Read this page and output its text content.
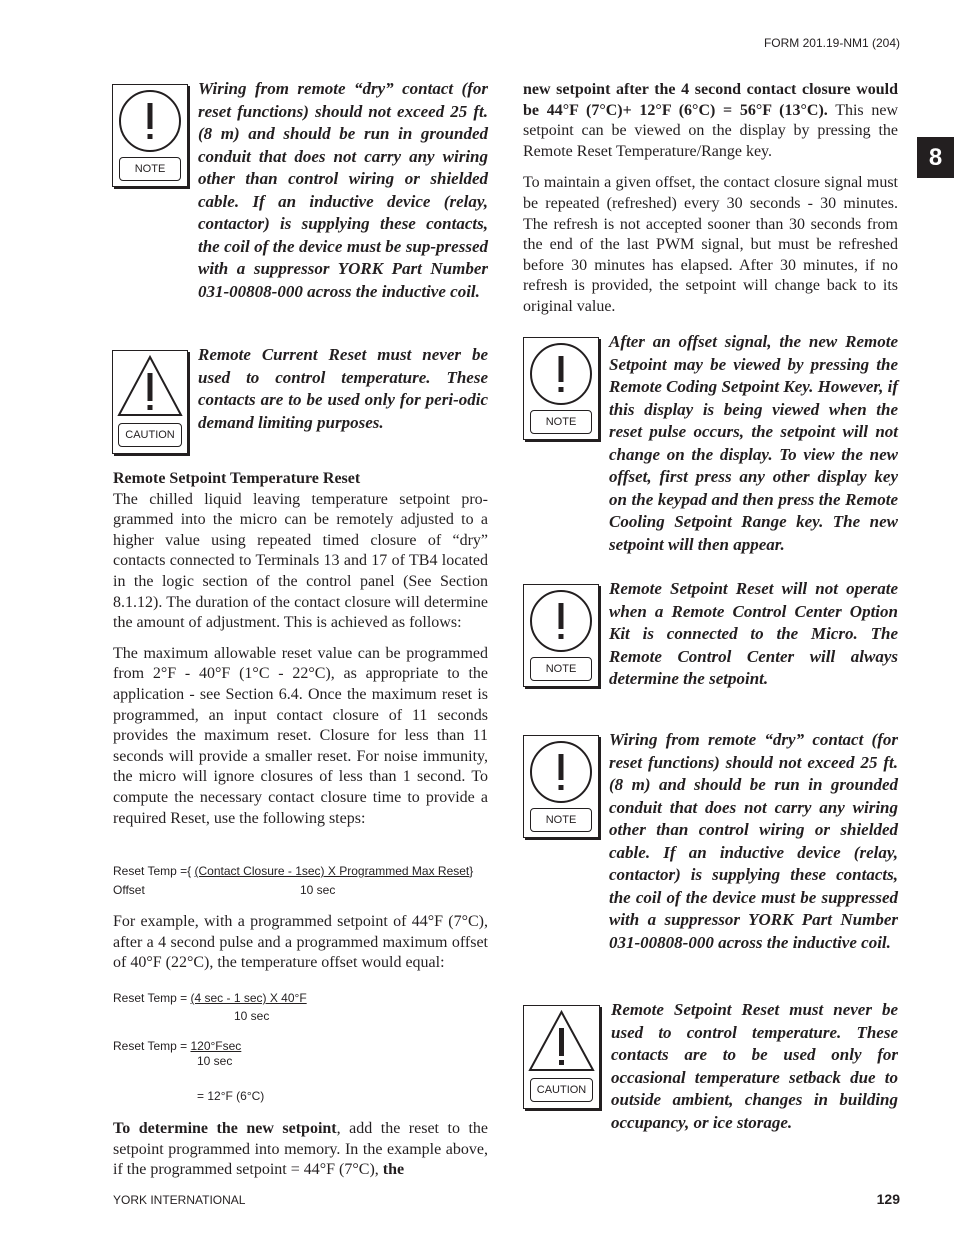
FORM 201.19-NM1 (204)
8
NOTE

Wiring from remote “dry” contact (for reset functions) should not exceed 25 ft. (8 m) and should be run in grounded conduit that does not carry any wiring other than control wiring or shielded cable. If an inductive device (relay, contactor) is supplying these contacts, the coil of the device must be sup-pressed with a suppressor YORK Part Number 031-00808-000 across the inductive coil.

CAUTION

Remote Current Reset must never be used to control temperature. These contacts are to be used only for peri-odic demand limiting purposes.

Remote Setpoint Temperature Reset

The chilled liquid leaving temperature setpoint pro-grammed into the micro can be remotely adjusted to a higher value using repeated timed closure of “dry” contacts connected to Terminals 13 and 17 of TB4 located in the logic section of the control panel (See Section 8.1.12). The duration of the contact closure will determine the amount of adjustment. This is achieved as follows:

The maximum allowable reset value can be programmed from 2°F - 40°F (1°C - 22°C), as appropriate to the application - see Section 6.4. Once the maximum reset is programmed, an input contact closure of 11 seconds provides the maximum reset. Closure for less than 11 seconds will provide a smaller reset. For noise immunity, the micro will ignore closures of less than 1 second. To compute the necessary contact closure time to provide a required Reset, use the following steps:

Reset Temp ={ (Contact Closure - 1sec) X Programmed Max Reset}
Offset	10 sec

For example, with a programmed setpoint of 44°F (7°C), after a 4 second pulse and a programmed maximum offset of 40°F (22°C), the temperature offset would equal:

Reset Temp = (4 sec - 1 sec) X 40°F
10 sec
Reset Temp = 120°Fsec
10 sec
= 12°F (6°C)

To determine the new setpoint, add the reset to the setpoint programmed into memory. In the example above, if the programmed setpoint = 44°F (7°C), the

new setpoint after the 4 second contact closure would be 44°F (7°C)+ 12°F (6°C) = 56°F (13°C). This new setpoint can be viewed on the display by pressing the Remote Reset Temperature/Range key.

To maintain a given offset, the contact closure signal must be repeated (refreshed) every 30 seconds - 30 minutes. The refresh is not accepted sooner than 30 seconds from the end of the last PWM signal, but must be refreshed before 30 minutes has elapsed. After 30 minutes, if no refresh is provided, the setpoint will change back to its original value.

NOTE

After an offset signal, the new Remote Setpoint may be viewed by pressing the Remote Coding Setpoint Key. However, if this display is being viewed when the reset pulse occurs, the setpoint will not change on the display. To view the new offset, first press any other display key on the keypad and then press the Remote Cooling Setpoint Range key. The new setpoint will then appear.

NOTE

Remote Setpoint Reset will not operate when a Remote Control Center Option Kit is connected to the Micro. The Remote Control Center will always determine the setpoint.

NOTE

Wiring from remote “dry” contact (for reset functions) should not exceed 25 ft. (8 m) and should be run in grounded conduit that does not carry any wiring other than control wiring or shielded cable. If an inductive device (relay, contactor) is supplying these contacts, the coil of the device must be suppressed with a suppressor YORK Part Number 031-00808-000 across the inductive coil.

CAUTION

Remote Setpoint Reset must never be used to control temperature. These contacts are to be used only for occasional temperature setback due to outside ambient, changes in building occupancy, or ice storage.

YORK INTERNATIONAL	129
